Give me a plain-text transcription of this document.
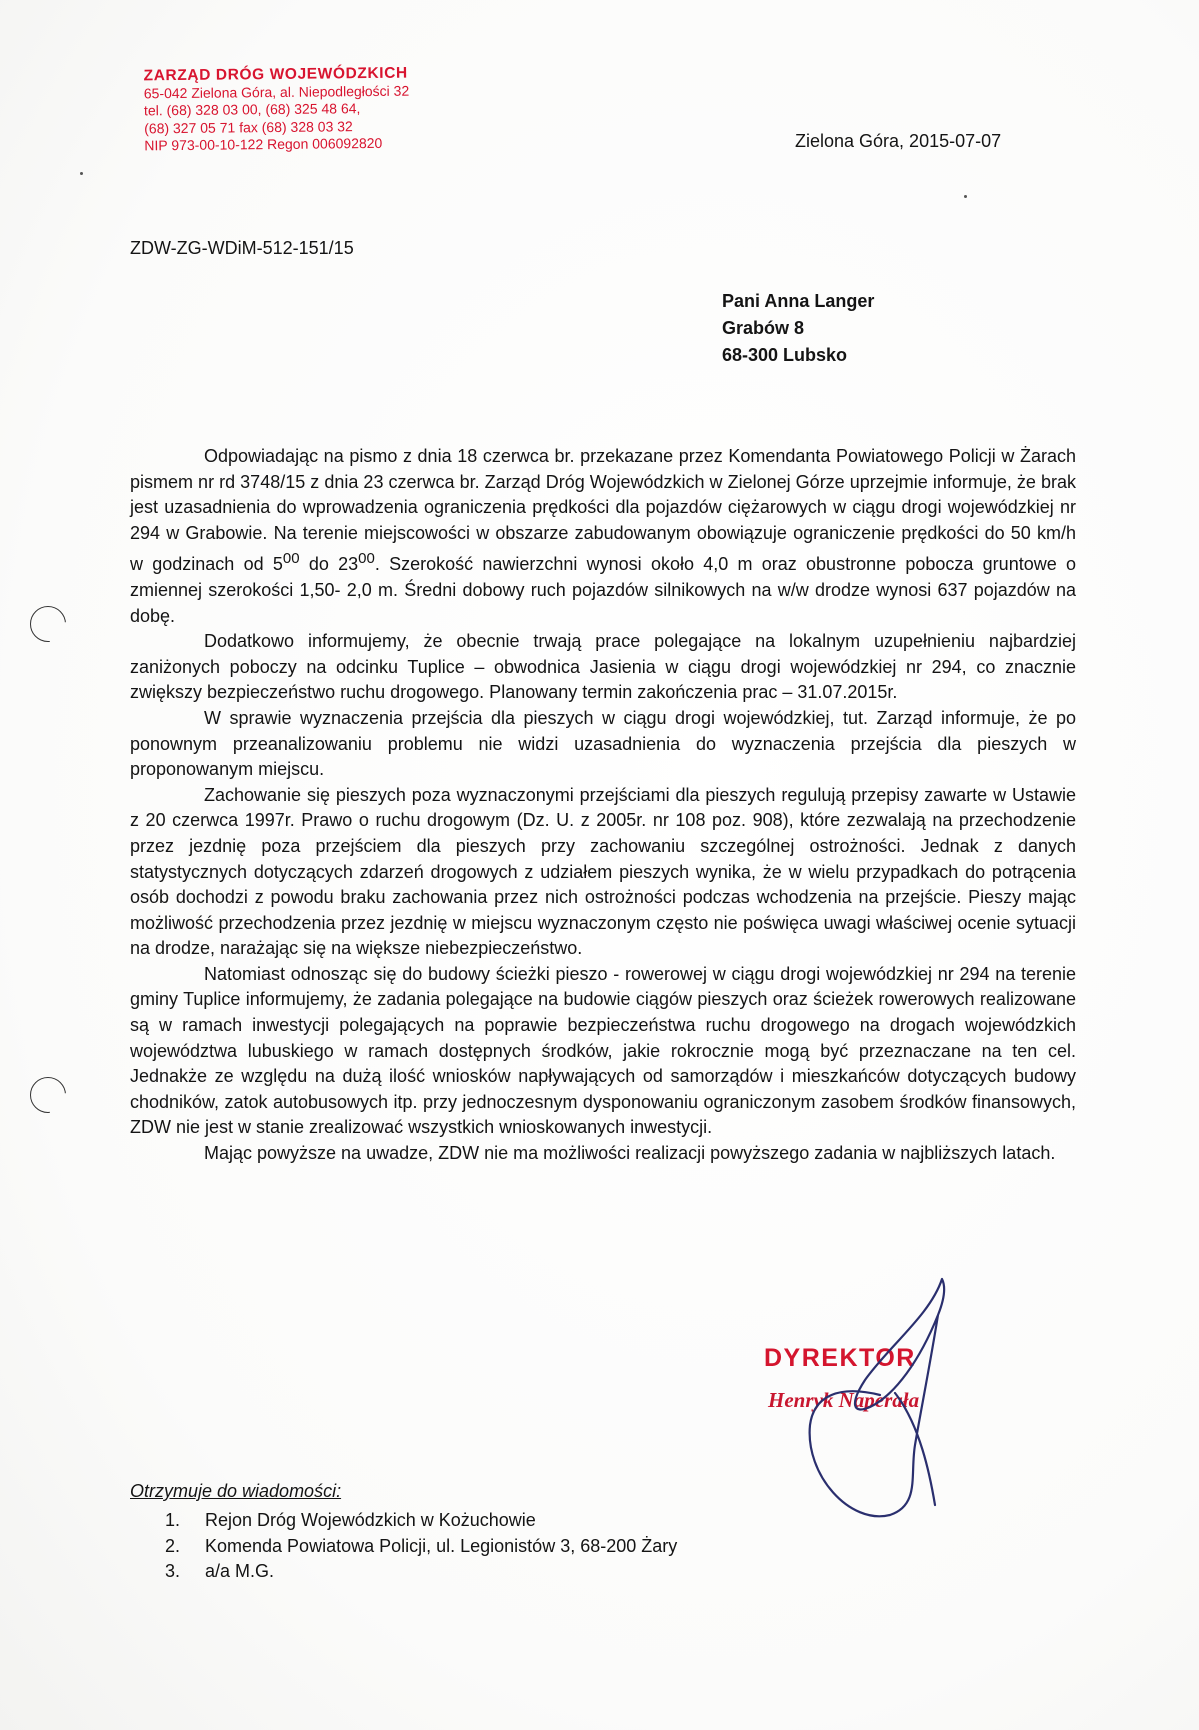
ZARZĄD DRÓG WOJEWÓDZKICH
65-042 Zielona Góra, al. Niepodległości 32
tel. (68) 328 03 00, (68) 325 48 64,
(68) 327 05 71 fax (68) 328 03 32
NIP 973-00-10-122 Regon 006092820	Zielona Góra, 2015-07-07
ZDW-ZG-WDiM-512-151/15
Pani Anna Langer
Grabów 8
68-300 Lubsko

Odpowiadając na pismo z dnia 18 czerwca br. przekazane przez Komendanta Powiatowego Policji w Żarach pismem nr rd 3748/15 z dnia 23 czerwca br. Zarząd Dróg Wojewódzkich w Zielonej Górze uprzejmie informuje, że brak jest uzasadnienia do wprowadzenia ograniczenia prędkości dla pojazdów ciężarowych w ciągu drogi wojewódzkiej nr 294 w Grabowie. Na terenie miejscowości w obszarze zabudowanym obowiązuje ograniczenie prędkości do 50 km/h w godzinach od $5^{00}$ do $23^{00}$. Szerokość nawierzchni wynosi około 4,0 m oraz obustronne pobocza gruntowe o zmiennej szerokości 1,50- 2,0 m. Średni dobowy ruch pojazdów silnikowych na w/w drodze wynosi 637 pojazdów na dobę.

Dodatkowo informujemy, że obecnie trwają prace polegające na lokalnym uzupełnieniu najbardziej zaniżonych poboczy na odcinku Tuplice – obwodnica Jasienia w ciągu drogi wojewódzkiej nr 294, co znacznie zwiększy bezpieczeństwo ruchu drogowego. Planowany termin zakończenia prac – 31.07.2015r.

W sprawie wyznaczenia przejścia dla pieszych w ciągu drogi wojewódzkiej, tut. Zarząd informuje, że po ponownym przeanalizowaniu problemu nie widzi uzasadnienia do wyznaczenia przejścia dla pieszych w proponowanym miejscu.

Zachowanie się pieszych poza wyznaczonymi przejściami dla pieszych regulują przepisy zawarte w Ustawie z 20 czerwca 1997r. Prawo o ruchu drogowym (Dz. U. z 2005r. nr 108 poz. 908), które zezwalają na przechodzenie przez jezdnię poza przejściem dla pieszych przy zachowaniu szczególnej ostrożności. Jednak z danych statystycznych dotyczących zdarzeń drogowych z udziałem pieszych wynika, że w wielu przypadkach do potrącenia osób dochodzi z powodu braku zachowania przez nich ostrożności podczas wchodzenia na przejście. Pieszy mając możliwość przechodzenia przez jezdnię w miejscu wyznaczonym często nie poświęca uwagi właściwej ocenie sytuacji na drodze, narażając się na większe niebezpieczeństwo.

Natomiast odnosząc się do budowy ścieżki pieszo - rowerowej w ciągu drogi wojewódzkiej nr 294 na terenie gminy Tuplice informujemy, że zadania polegające na budowie ciągów pieszych oraz ścieżek rowerowych realizowane są w ramach inwestycji polegających na poprawie bezpieczeństwa ruchu drogowego na drogach wojewódzkich województwa lubuskiego w ramach dostępnych środków, jakie rokrocznie mogą być przeznaczane na ten cel. Jednakże ze względu na dużą ilość wniosków napływających od samorządów i mieszkańców dotyczących budowy chodników, zatok autobusowych itp. przy jednoczesnym dysponowaniu ograniczonym zasobem środków finansowych, ZDW nie jest w stanie zrealizować wszystkich wnioskowanych inwestycji.

Mając powyższe na uwadze, ZDW nie ma możliwości realizacji powyższego zadania w najbliższych latach.

DYREKTOR
Henryk Naperała
Otrzymuje do wiadomości:
1. Rejon Dróg Wojewódzkich w Kożuchowie
2. Komenda Powiatowa Policji, ul. Legionistów 3, 68-200 Żary
3. a/a M.G.
